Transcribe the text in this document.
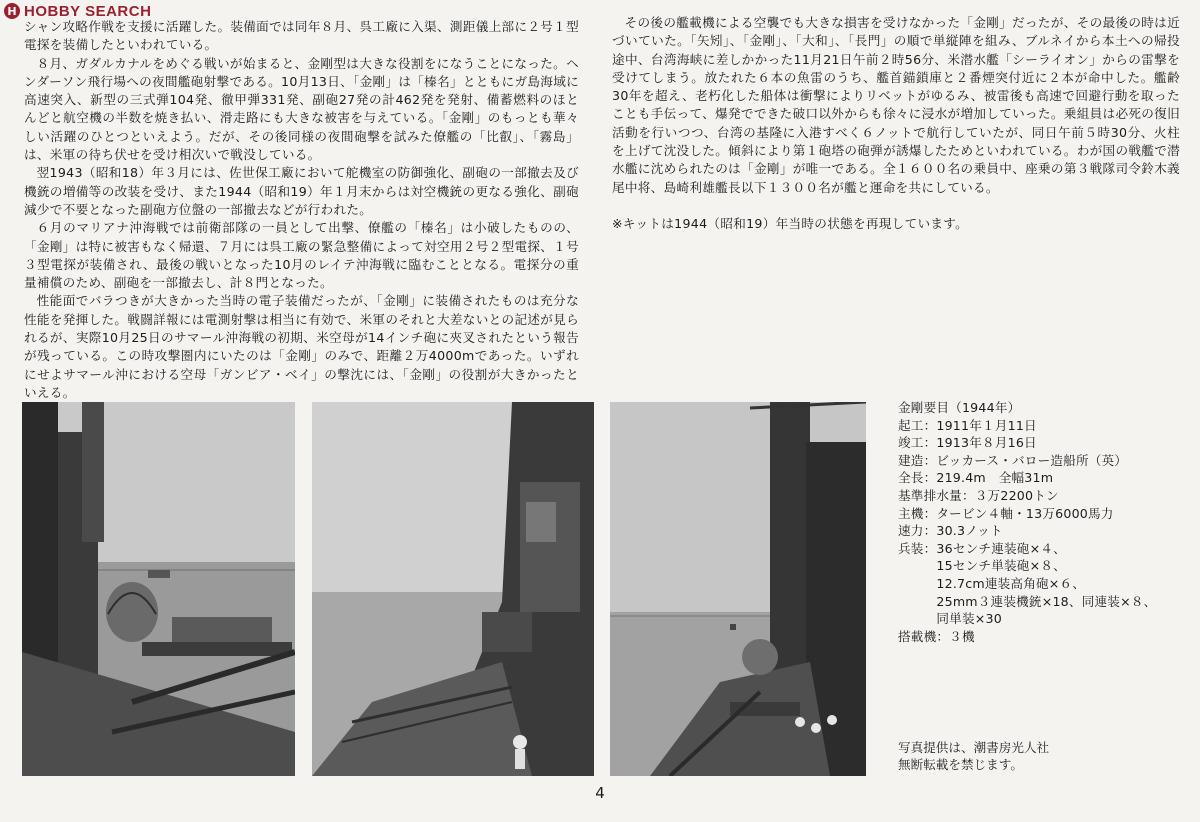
H HOBBY SEARCH

シャン攻略作戦を支援に活躍した。装備面では同年８月、呉工廠に入渠、測距儀上部に２号１型電探を装備したといわれている。

８月、ガダルカナルをめぐる戦いが始まると、金剛型は大きな役割をになうことになった。ヘンダーソン飛行場への夜間艦砲射撃である。10月13日、「金剛」は「榛名」とともにガ島海域に高速突入、新型の三式弾104発、徹甲弾331発、副砲27発の計462発を発射、備蓄燃料のほとんどと航空機の半数を焼き払い、滑走路にも大きな被害を与えている。「金剛」のもっとも華々しい活躍のひとつといえよう。だが、その後同様の夜間砲撃を試みた僚艦の「比叡」、「霧島」は、米軍の待ち伏せを受け相次いで戦没している。

翌1943（昭和18）年３月には、佐世保工廠において舵機室の防御強化、副砲の一部撤去及び機銃の増備等の改装を受け、また1944（昭和19）年１月末からは対空機銃の更なる強化、副砲減少で不要となった副砲方位盤の一部撤去などが行われた。

６月のマリアナ沖海戦では前衛部隊の一員として出撃、僚艦の「榛名」は小破したものの、「金剛」は特に被害もなく帰還、７月には呉工廠の緊急整備によって対空用２号２型電探、１号３型電探が装備され、最後の戦いとなった10月のレイテ沖海戦に臨むこととなる。電探分の重量補償のため、副砲を一部撤去し、計８門となった。

性能面でバラつきが大きかった当時の電子装備だったが、「金剛」に装備されたものは充分な性能を発揮した。戦闘詳報には電測射撃は相当に有効で、米軍のそれと大差ないとの記述が見られるが、実際10月25日のサマール沖海戦の初期、米空母が14インチ砲に夾叉されたという報告が残っている。この時攻撃圏内にいたのは「金剛」のみで、距離２万4000mであった。いずれにせよサマール沖における空母「ガンビア・ベイ」の撃沈には、「金剛」の役割が大きかったといえる。

その後の艦載機による空襲でも大きな損害を受けなかった「金剛」だったが、その最後の時は近づいていた。「矢矧」、「金剛」、「大和」、「長門」の順で単縦陣を組み、ブルネイから本土への帰投途中、台湾海峡に差しかかった11月21日午前２時56分、米潜水艦「シーライオン」からの雷撃を受けてしまう。放たれた６本の魚雷のうち、艦首錨鎖庫と２番煙突付近に２本が命中した。艦齢30年を超え、老朽化した船体は衝撃によりリベットがゆるみ、被雷後も高速で回避行動を取ったことも手伝って、爆発でできた破口以外からも徐々に浸水が増加していった。乗組員は必死の復旧活動を行いつつ、台湾の基隆に入港すべく６ノットで航行していたが、同日午前５時30分、火柱を上げて沈没した。傾斜により第１砲塔の砲弾が誘爆したためといわれている。わが国の戦艦で潜水艦に沈められたのは「金剛」が唯一である。全１６００名の乗員中、座乗の第３戦隊司令鈴木義尾中将、島崎利雄艦長以下１３００名が艦と運命を共にしている。

※キットは1944（昭和19）年当時の状態を再現しています。

金剛要目（1944年）
起工：1911年１月11日
竣工：1913年８月16日
建造：ビッカース・バロー造船所（英）
全長：219.4m　全幅31m
基準排水量：３万2200トン
主機：タービン４軸・13万6000馬力
速力：30.3ノット
兵装： 36センチ連装砲×４、
15センチ単装砲×８、
12.7cm連装高角砲×６、
25mm３連装機銃×18、同連装×８、
同単装×30
搭載機：３機
写真提供は、潮書房光人社
無断転載を禁じます。
4
